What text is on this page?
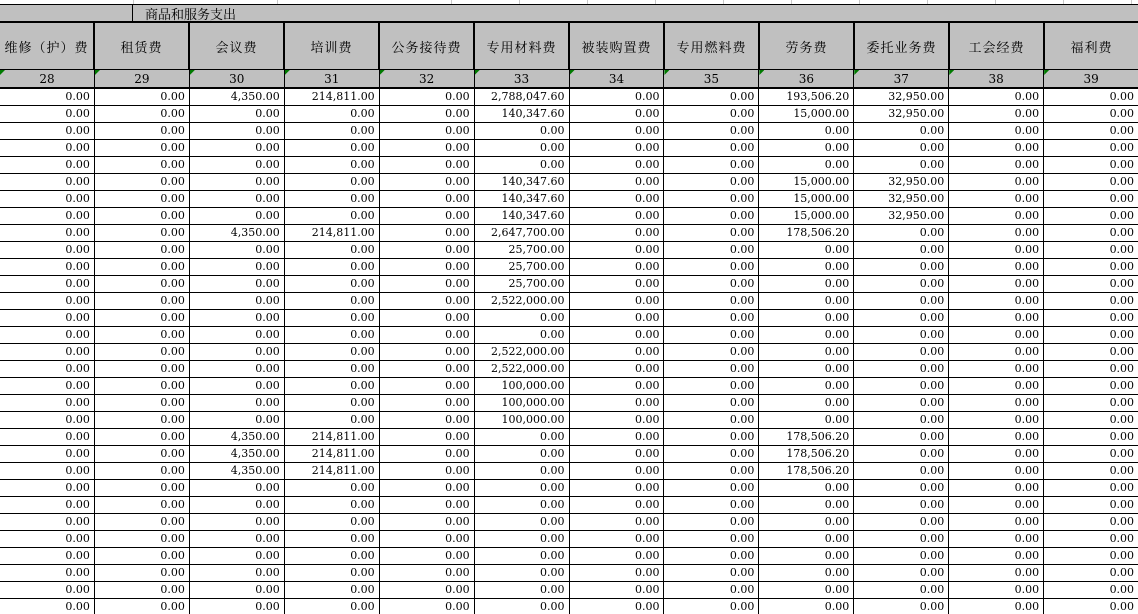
商品和服务支出
维修（护）费	租赁费	会议费	培训费	公务接待费	专用材料费	被装购置费	专用燃料费	劳务费	委托业务费	工会经费	福利费
28	29	30	31	32	33	34	35	36	37	38	39
0.00	0.00	4,350.00	214,811.00	0.00	2,788,047.60	0.00	0.00	193,506.20	32,950.00	0.00	0.00
0.00	0.00	0.00	0.00	0.00	140,347.60	0.00	0.00	15,000.00	32,950.00	0.00	0.00
0.00	0.00	0.00	0.00	0.00	0.00	0.00	0.00	0.00	0.00	0.00	0.00
0.00	0.00	0.00	0.00	0.00	0.00	0.00	0.00	0.00	0.00	0.00	0.00
0.00	0.00	0.00	0.00	0.00	0.00	0.00	0.00	0.00	0.00	0.00	0.00
0.00	0.00	0.00	0.00	0.00	140,347.60	0.00	0.00	15,000.00	32,950.00	0.00	0.00
0.00	0.00	0.00	0.00	0.00	140,347.60	0.00	0.00	15,000.00	32,950.00	0.00	0.00
0.00	0.00	0.00	0.00	0.00	140,347.60	0.00	0.00	15,000.00	32,950.00	0.00	0.00
0.00	0.00	4,350.00	214,811.00	0.00	2,647,700.00	0.00	0.00	178,506.20	0.00	0.00	0.00
0.00	0.00	0.00	0.00	0.00	25,700.00	0.00	0.00	0.00	0.00	0.00	0.00
0.00	0.00	0.00	0.00	0.00	25,700.00	0.00	0.00	0.00	0.00	0.00	0.00
0.00	0.00	0.00	0.00	0.00	25,700.00	0.00	0.00	0.00	0.00	0.00	0.00
0.00	0.00	0.00	0.00	0.00	2,522,000.00	0.00	0.00	0.00	0.00	0.00	0.00
0.00	0.00	0.00	0.00	0.00	0.00	0.00	0.00	0.00	0.00	0.00	0.00
0.00	0.00	0.00	0.00	0.00	0.00	0.00	0.00	0.00	0.00	0.00	0.00
0.00	0.00	0.00	0.00	0.00	2,522,000.00	0.00	0.00	0.00	0.00	0.00	0.00
0.00	0.00	0.00	0.00	0.00	2,522,000.00	0.00	0.00	0.00	0.00	0.00	0.00
0.00	0.00	0.00	0.00	0.00	100,000.00	0.00	0.00	0.00	0.00	0.00	0.00
0.00	0.00	0.00	0.00	0.00	100,000.00	0.00	0.00	0.00	0.00	0.00	0.00
0.00	0.00	0.00	0.00	0.00	100,000.00	0.00	0.00	0.00	0.00	0.00	0.00
0.00	0.00	4,350.00	214,811.00	0.00	0.00	0.00	0.00	178,506.20	0.00	0.00	0.00
0.00	0.00	4,350.00	214,811.00	0.00	0.00	0.00	0.00	178,506.20	0.00	0.00	0.00
0.00	0.00	4,350.00	214,811.00	0.00	0.00	0.00	0.00	178,506.20	0.00	0.00	0.00
0.00	0.00	0.00	0.00	0.00	0.00	0.00	0.00	0.00	0.00	0.00	0.00
0.00	0.00	0.00	0.00	0.00	0.00	0.00	0.00	0.00	0.00	0.00	0.00
0.00	0.00	0.00	0.00	0.00	0.00	0.00	0.00	0.00	0.00	0.00	0.00
0.00	0.00	0.00	0.00	0.00	0.00	0.00	0.00	0.00	0.00	0.00	0.00
0.00	0.00	0.00	0.00	0.00	0.00	0.00	0.00	0.00	0.00	0.00	0.00
0.00	0.00	0.00	0.00	0.00	0.00	0.00	0.00	0.00	0.00	0.00	0.00
0.00	0.00	0.00	0.00	0.00	0.00	0.00	0.00	0.00	0.00	0.00	0.00
0.00	0.00	0.00	0.00	0.00	0.00	0.00	0.00	0.00	0.00	0.00	0.00
